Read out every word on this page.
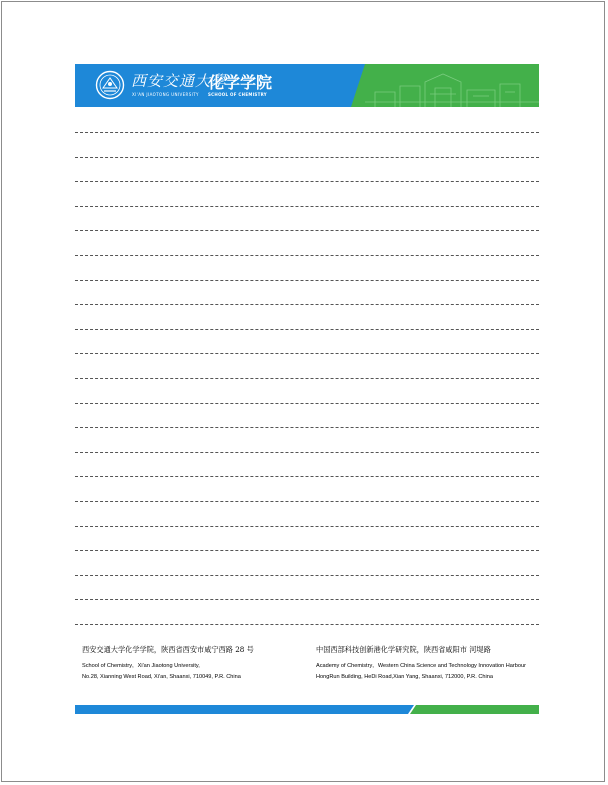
西安交通大學
化学学院
XI'AN JIAOTONG UNIVERSITY SCHOOL OF CHEMISTRY
西安交通大学化学学院，陕西省西安市咸宁西路 28 号
School of Chemistry，Xi'an Jiaotong University,
No.28, Xianning West Road, Xi'an, Shaanxi, 710049, P.R. China
中国西部科技创新港化学研究院，陕西省咸阳市 河堤路
Academy of Chemistry，Western China Science and Technology Innovation Harbour
HongRun Building, HeDi Road,Xian Yang, Shaanxi, 712000, P.R. China
